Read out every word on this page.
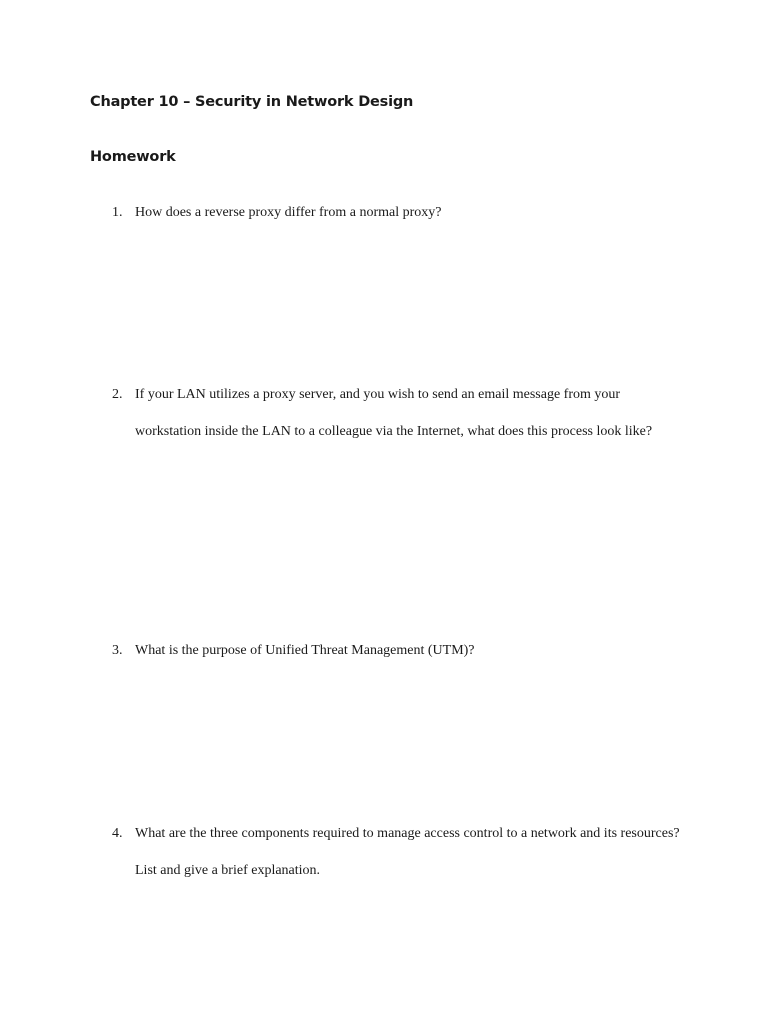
Chapter 10 – Security in Network Design
Homework
1. How does a reverse proxy differ from a normal proxy?
2. If your LAN utilizes a proxy server, and you wish to send an email message from your workstation inside the LAN to a colleague via the Internet, what does this process look like?
3. What is the purpose of Unified Threat Management (UTM)?
4. What are the three components required to manage access control to a network and its resources? List and give a brief explanation.
